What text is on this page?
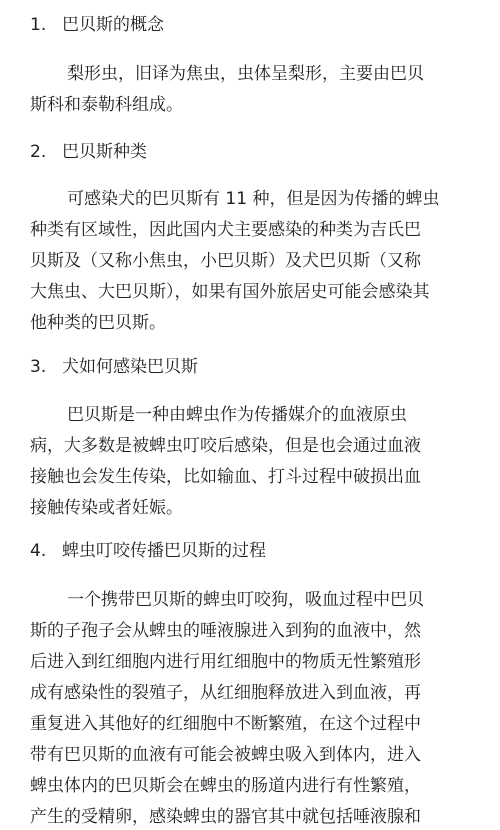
1. 巴贝斯的概念
梨形虫，旧译为焦虫，虫体呈梨形，主要由巴贝
斯科和泰勒科组成。
2. 巴贝斯种类
可感染犬的巴贝斯有 11 种，但是因为传播的蜱虫
种类有区域性，因此国内犬主要感染的种类为吉氏巴
贝斯及（又称小焦虫，小巴贝斯）及犬巴贝斯（又称
大焦虫、大巴贝斯），如果有国外旅居史可能会感染其
他种类的巴贝斯。
3. 犬如何感染巴贝斯
巴贝斯是一种由蜱虫作为传播媒介的血液原虫
病，大多数是被蜱虫叮咬后感染，但是也会通过血液
接触也会发生传染，比如输血、打斗过程中破损出血
接触传染或者妊娠。
4. 蜱虫叮咬传播巴贝斯的过程
一个携带巴贝斯的蜱虫叮咬狗，吸血过程中巴贝
斯的子孢子会从蜱虫的唾液腺进入到狗的血液中，然
后进入到红细胞内进行用红细胞中的物质无性繁殖形
成有感染性的裂殖子，从红细胞释放进入到血液，再
重复进入其他好的红细胞中不断繁殖，在这个过程中
带有巴贝斯的血液有可能会被蜱虫吸入到体内，进入
蜱虫体内的巴贝斯会在蜱虫的肠道内进行有性繁殖，
产生的受精卵，感染蜱虫的器官其中就包括唾液腺和
